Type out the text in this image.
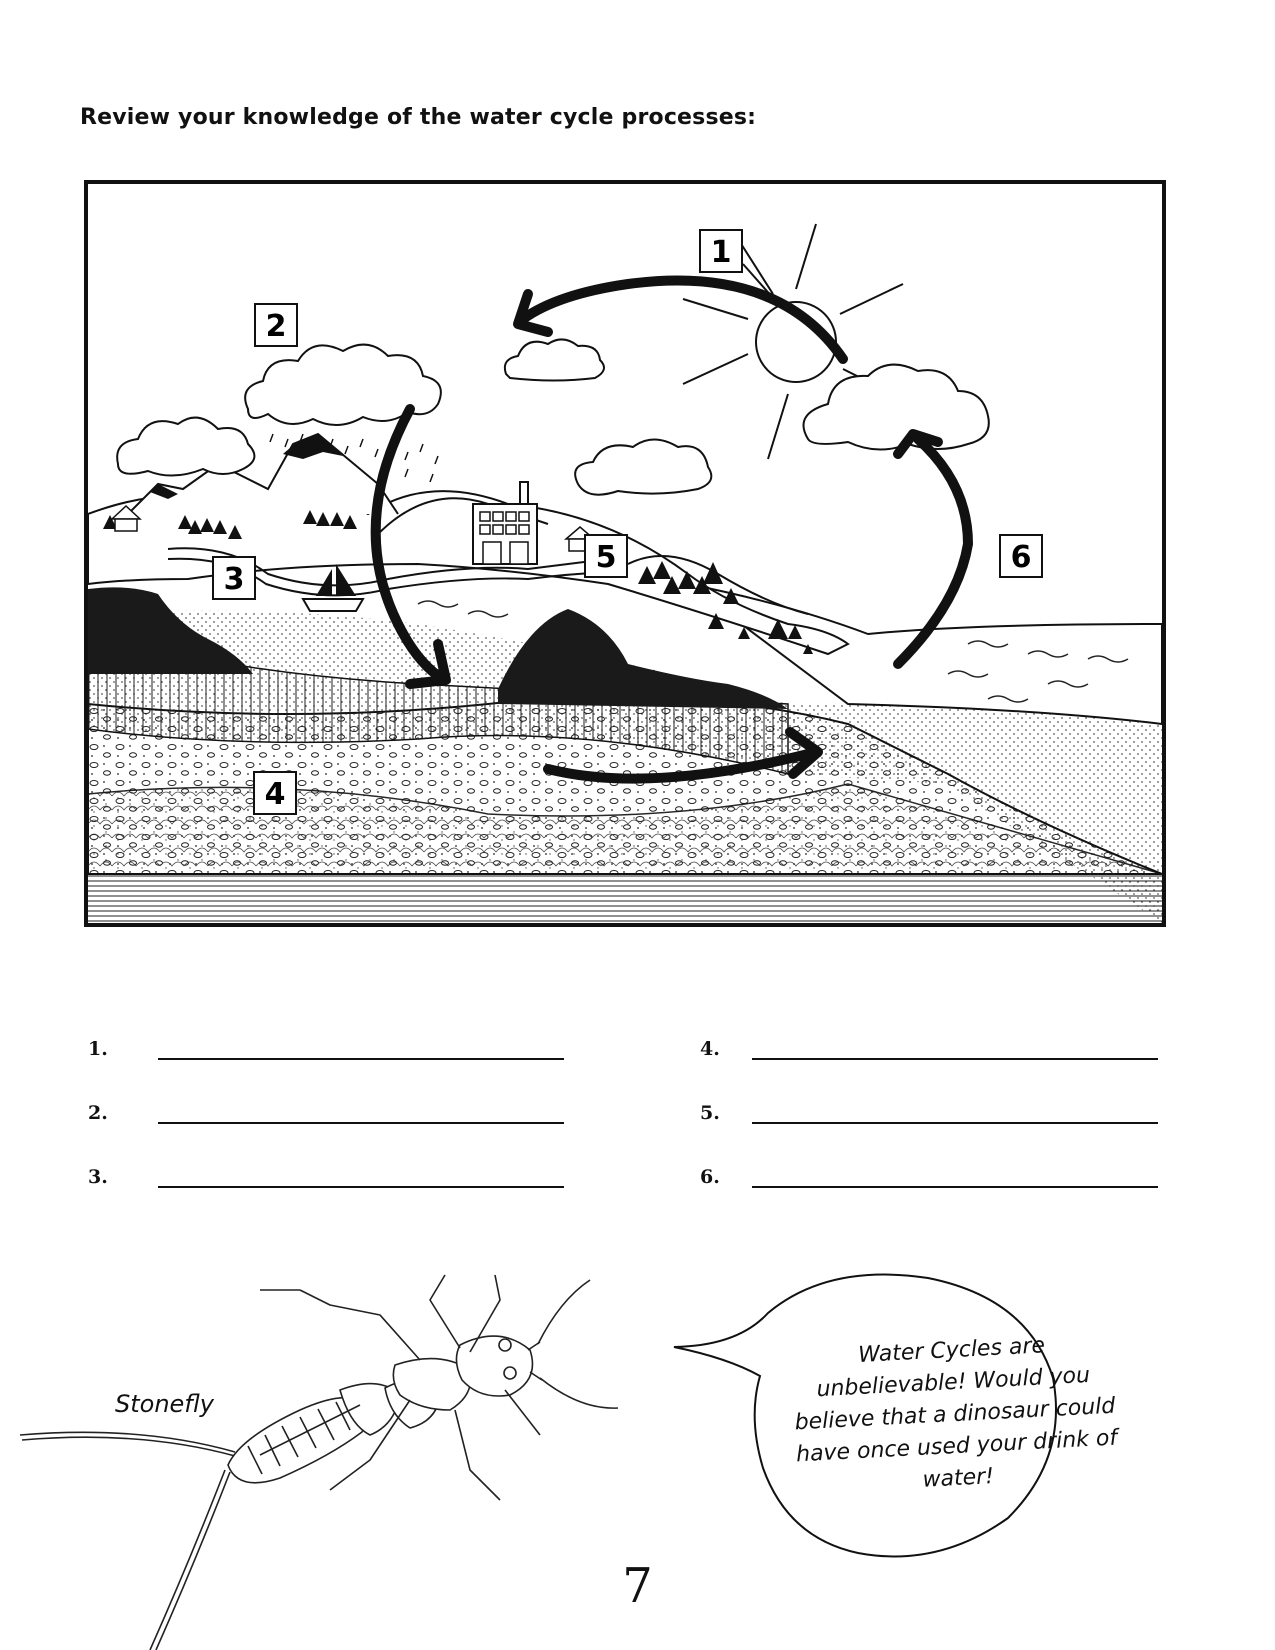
Review your knowledge of the water cycle processes:
1
2
3
4
5	6
1.
2.
3.
4.
5.
6.
Stonefly
Water Cycles are unbelievable! Would you believe that a dinosaur could have once used your drink of water!
7
